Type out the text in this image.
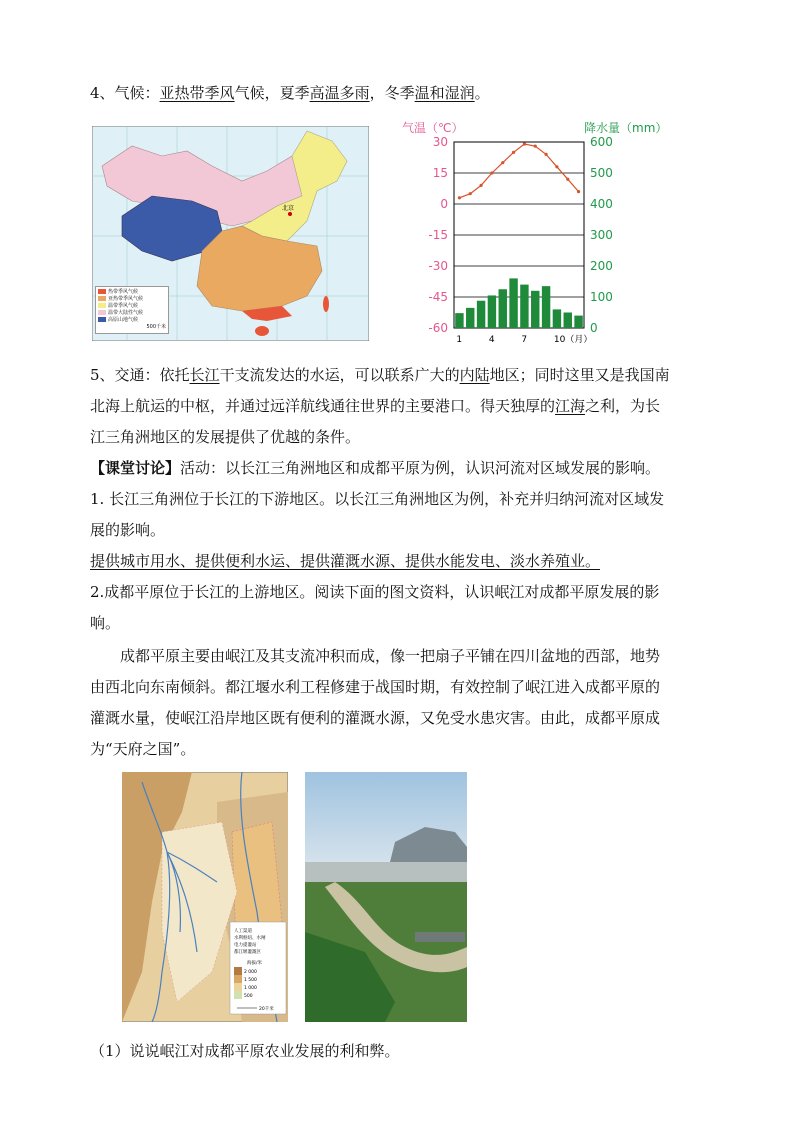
4、气候：亚热带季风气候，夏季高温多雨，冬季温和湿润。
北京
热带季风气候
亚热带季风气候
温带季风气候
温带大陆性气候
高原山地气候
500千米
气温（℃）	降水量（mm）
30
15
0
-15
-30
-45
-60
600
500
400
300
200
100
0
1	4	7	10（月）
5、交通：依托长江干支流发达的水运，可以联系广大的内陆地区；同时这里又是我国南
北海上航运的中枢，并通过远洋航线通往世界的主要港口。得天独厚的江海之利，为长
江三角洲地区的发展提供了优越的条件。
【课堂讨论】活动：以长江三角洲地区和成都平原为例，认识河流对区域发展的影响。
1. 长江三角洲位于长江的下游地区。以长江三角洲地区为例，补充并归纳河流对区域发
展的影响。
提供城市用水、提供便利水运、提供灌溉水源、提供水能发电、淡水养殖业。
2.成都平原位于长江的上游地区。阅读下面的图文资料，认识岷江对成都平原发展的影
响。
成都平原主要由岷江及其支流冲积而成，像一把扇子平铺在四川盆地的西部，地势
由西北向东南倾斜。都江堰水利工程修建于战国时期，有效控制了岷江进入成都平原的
灌溉水量，使岷江沿岸地区既有便利的灌溉水源，又免受水患灾害。由此，成都平原成
为“天府之国”。
人工渠道
水利枢纽、水闸
电力提灌站
都江堰灌溉区
海拔/米
2 000
1 500
1 000
500
20千米
（1）说说岷江对成都平原农业发展的利和弊。
